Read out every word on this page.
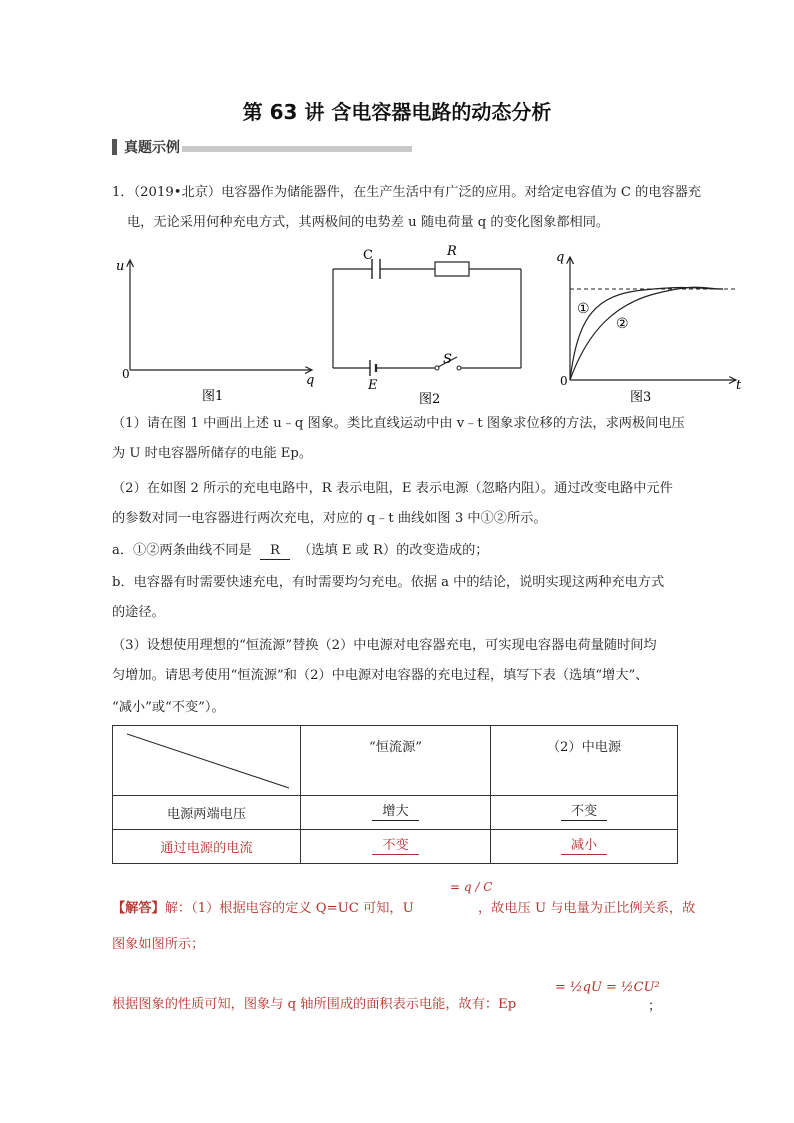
第 63 讲 含电容器电路的动态分析
真题示例
1．（2019•北京）电容器作为储能器件，在生产生活中有广泛的应用。对给定电容值为 C 的电容器充
电，无论采用何种充电方式，其两极间的电势差 u 随电荷量 q 的变化图象都相同。
u
q
0
图1
C	R
E
S
图2
q
t
0
①
②
图3
（1）请在图 1 中画出上述 u﹣q 图象。类比直线运动中由 v﹣t 图象求位移的方法，求两极间电压
为 U 时电容器所储存的电能 Ep。
（2）在如图 2 所示的充电电路中，R 表示电阻，E 表示电源（忽略内阻）。通过改变电路中元件
的参数对同一电容器进行两次充电，对应的 q﹣t 曲线如图 3 中①②所示。
a．①②两条曲线不同是 R （选填 E 或 R）的改变造成的；
b．电容器有时需要快速充电，有时需要均匀充电。依据 a 中的结论，说明实现这两种充电方式
的途径。
（3）设想使用理想的“恒流源”替换（2）中电源对电容器充电，可实现电容器电荷量随时间均
匀增加。请思考使用“恒流源”和（2）中电源对电容器的充电过程，填写下表（选填“增大”、
“减小”或“不变”）。
	“恒流源”	（2）中电源
电源两端电压	增大	不变
通过电源的电流	不变	减小
【解答】解：（1）根据电容的定义 Q=UC 可知，U
= q / C
，故电压 U 与电量为正比例关系，故
图象如图所示；
根据图象的性质可知，图象与 q 轴所围成的面积表示电能，故有：Ep
= ½qU = ½CU²
；
